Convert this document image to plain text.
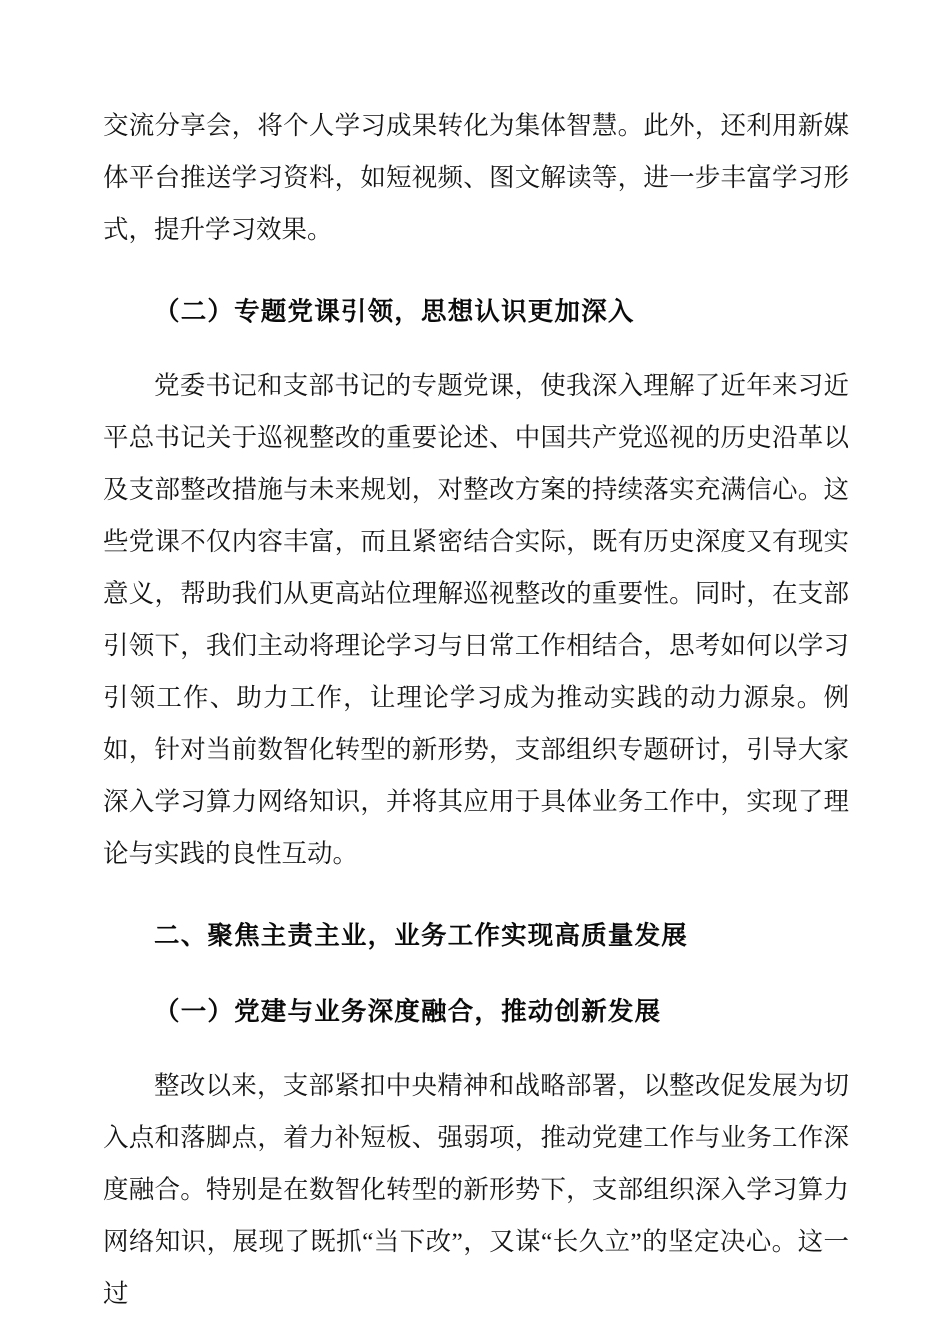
交流分享会，将个人学习成果转化为集体智慧。此外，还利用新媒体平台推送学习资料，如短视频、图文解读等，进一步丰富学习形式，提升学习效果。

（二）专题党课引领，思想认识更加深入

党委书记和支部书记的专题党课，使我深入理解了近年来习近平总书记关于巡视整改的重要论述、中国共产党巡视的历史沿革以及支部整改措施与未来规划，对整改方案的持续落实充满信心。这些党课不仅内容丰富，而且紧密结合实际，既有历史深度又有现实意义，帮助我们从更高站位理解巡视整改的重要性。同时，在支部引领下，我们主动将理论学习与日常工作相结合，思考如何以学习引领工作、助力工作，让理论学习成为推动实践的动力源泉。例如，针对当前数智化转型的新形势，支部组织专题研讨，引导大家深入学习算力网络知识，并将其应用于具体业务工作中，实现了理论与实践的良性互动。

二、聚焦主责主业，业务工作实现高质量发展
（一）党建与业务深度融合，推动创新发展

整改以来，支部紧扣中央精神和战略部署，以整改促发展为切入点和落脚点，着力补短板、强弱项，推动党建工作与业务工作深度融合。特别是在数智化转型的新形势下，支部组织深入学习算力网络知识，展现了既抓“当下改”，又谋“长久立”的坚定决心。这一过
